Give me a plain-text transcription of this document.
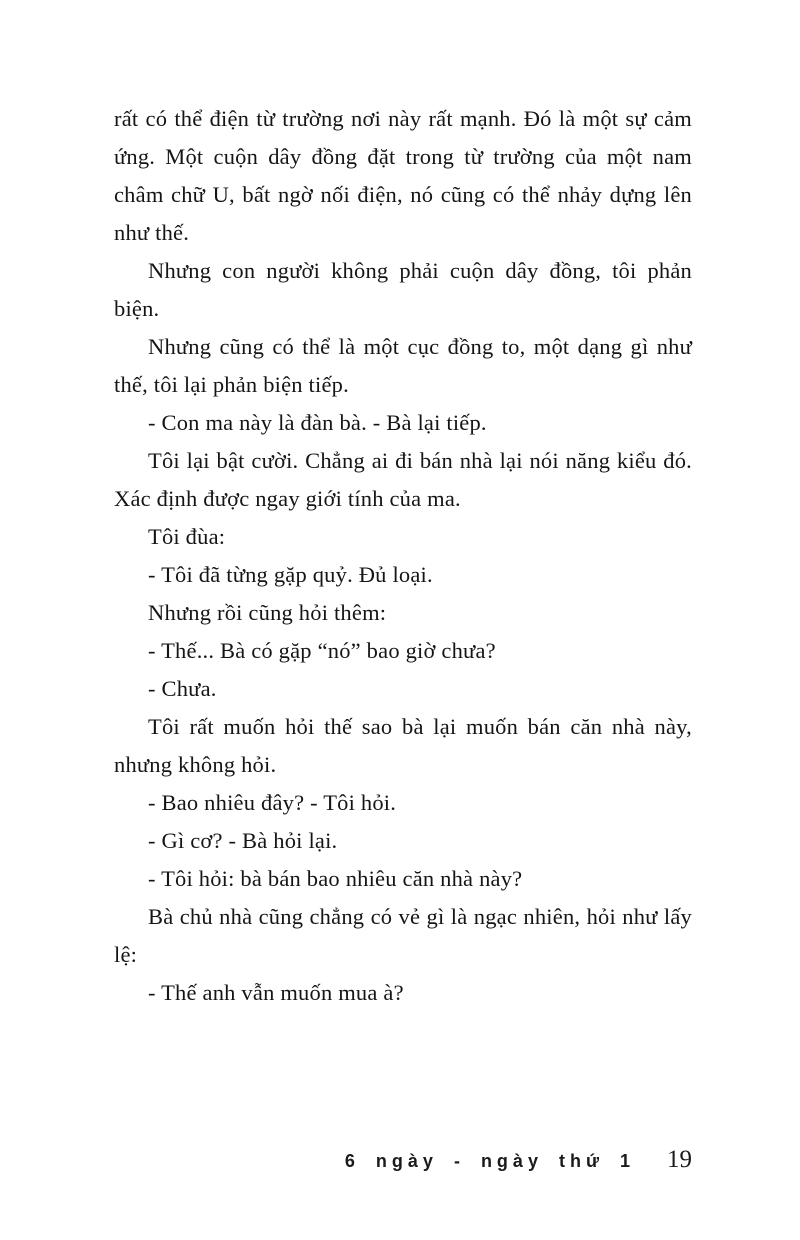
rất có thể điện từ trường nơi này rất mạnh. Đó là một sự cảm ứng. Một cuộn dây đồng đặt trong từ trường của một nam châm chữ U, bất ngờ nối điện, nó cũng có thể nhảy dựng lên như thế.

Nhưng con người không phải cuộn dây đồng, tôi phản biện.

Nhưng cũng có thể là một cục đồng to, một dạng gì như thế, tôi lại phản biện tiếp.

- Con ma này là đàn bà. - Bà lại tiếp.

Tôi lại bật cười. Chẳng ai đi bán nhà lại nói năng kiểu đó. Xác định được ngay giới tính của ma.

Tôi đùa:

- Tôi đã từng gặp quỷ. Đủ loại.

Nhưng rồi cũng hỏi thêm:

- Thế... Bà có gặp “nó” bao giờ chưa?

- Chưa.

Tôi rất muốn hỏi thế sao bà lại muốn bán căn nhà này, nhưng không hỏi.

- Bao nhiêu đây? - Tôi hỏi.

- Gì cơ? - Bà hỏi lại.

- Tôi hỏi: bà bán bao nhiêu căn nhà này?

Bà chủ nhà cũng chẳng có vẻ gì là ngạc nhiên, hỏi như lấy lệ:

- Thế anh vẫn muốn mua à?

6 ngày - ngày thứ 1 19
